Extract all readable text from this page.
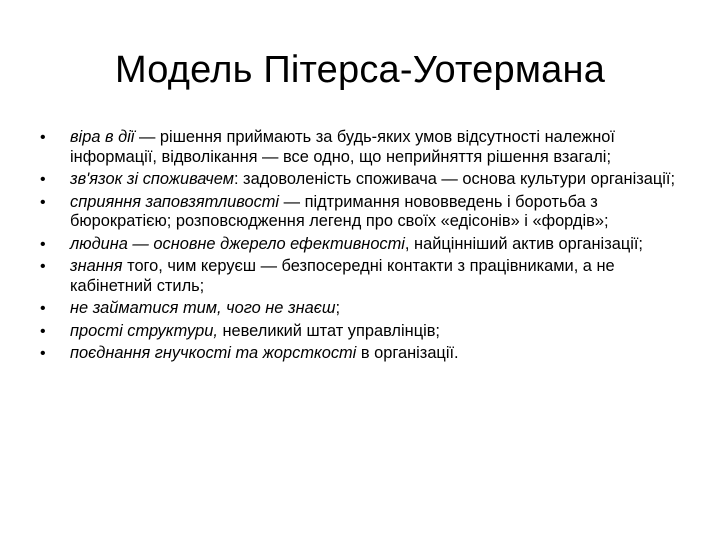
Модель Пітерса-Уотермана
• віра в дії — рішення приймають за будь-яких умов відсутності належної інформації, відволікання — все одно, що неприйняття рішення взагалі;
• зв'язок зі споживачем: задоволеність споживача — основа культури організації;
• сприяння заповзятливості — підтримання нововведень і боротьба з бюрократією; розповсюдження легенд про своїх «едісонів» і «фордів»;
• людина — основне джерело ефективності, найцінніший актив організації;
• знання того, чим керуєш — безпосередні контакти з працівниками, а не кабінетний стиль;
• не займатися тим, чого не знаєш;
• прості структури, невеликий штат управлінців;
• поєднання гнучкості та жорсткості в організації.
